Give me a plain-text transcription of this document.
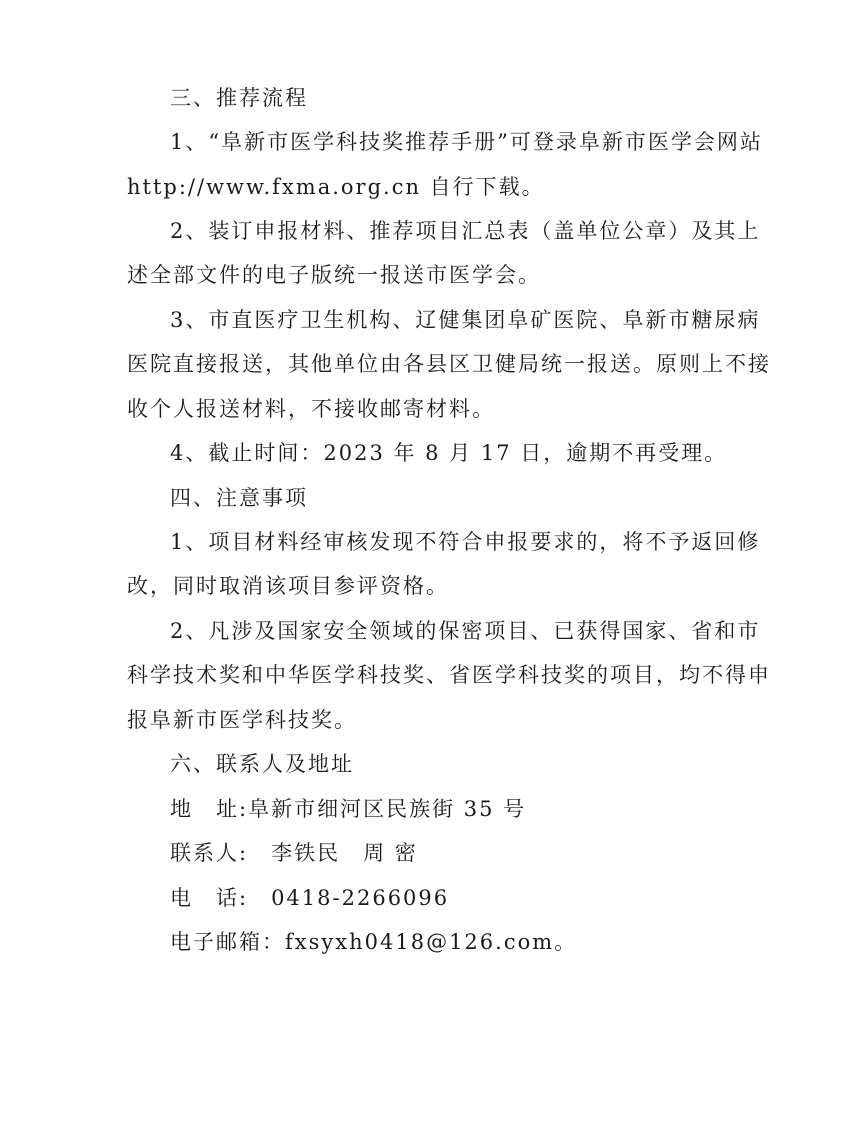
三、推荐流程
1、“阜新市医学科技奖推荐手册”可登录阜新市医学会网站
http://www.fxma.org.cn 自行下载。
2、装订申报材料、推荐项目汇总表（盖单位公章）及其上
述全部文件的电子版统一报送市医学会。
3、市直医疗卫生机构、辽健集团阜矿医院、阜新市糖尿病
医院直接报送，其他单位由各县区卫健局统一报送。原则上不接
收个人报送材料，不接收邮寄材料。
4、截止时间：2023 年 8 月 17 日，逾期不再受理。
四、注意事项
1、项目材料经审核发现不符合申报要求的，将不予返回修
改，同时取消该项目参评资格。
2、凡涉及国家安全领域的保密项目、已获得国家、省和市
科学技术奖和中华医学科技奖、省医学科技奖的项目，均不得申
报阜新市医学科技奖。
六、联系人及地址
地　址:阜新市细河区民族街 35 号
联系人:　李铁民　周 密
电　话:　0418-2266096
电子邮箱：fxsyxh0418@126.com。
